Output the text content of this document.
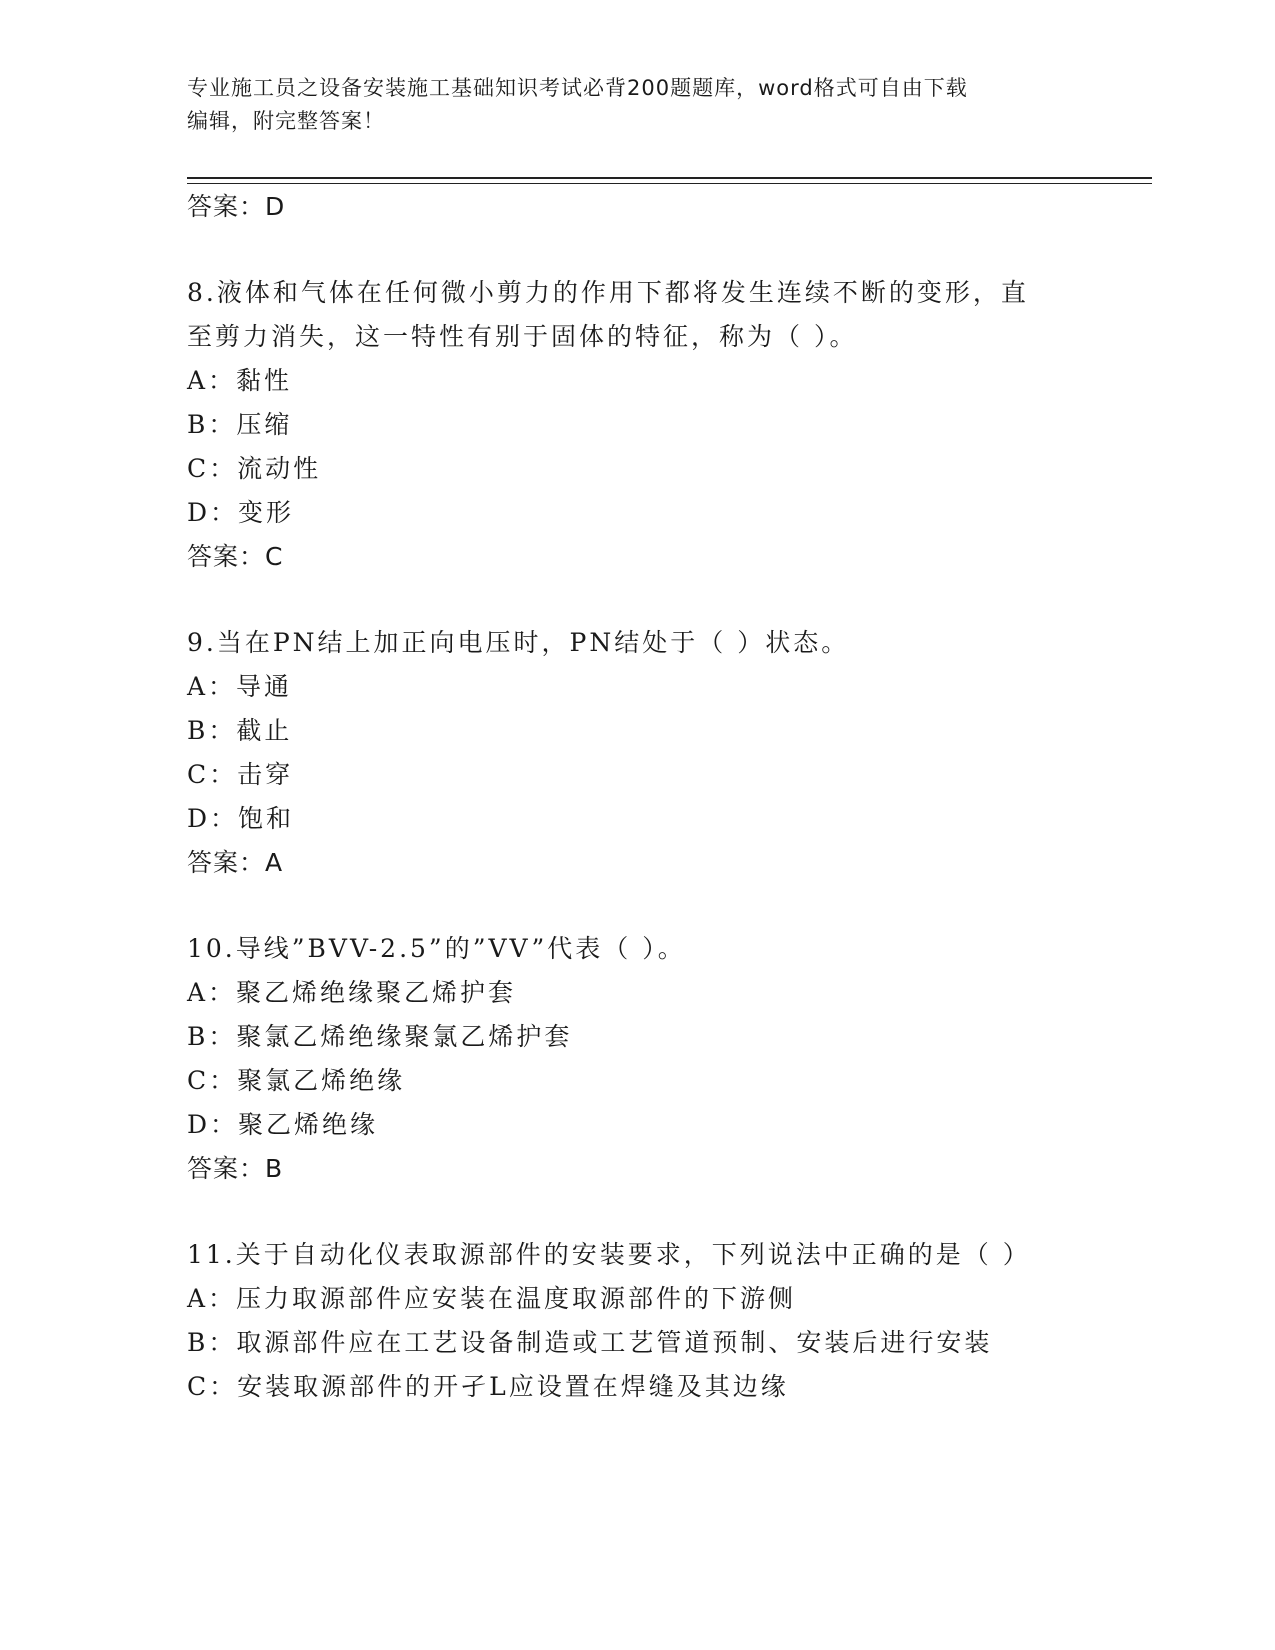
专业施工员之设备安装施工基础知识考试必背200题题库，word格式可自由下载
编辑，附完整答案！
答案：D
8.液体和气体在任何微小剪力的作用下都将发生连续不断的变形，直
至剪力消失，这一特性有别于固体的特征，称为（ ）。
A：黏性
B：压缩
C：流动性
D：变形
答案：C
9.当在PN结上加正向电压时，PN结处于（ ）状态。
A：导通
B：截止
C：击穿
D：饱和
答案：A
10.导线”BVV-2.5”的”VV”代表（ ）。
A：聚乙烯绝缘聚乙烯护套
B：聚氯乙烯绝缘聚氯乙烯护套
C：聚氯乙烯绝缘
D：聚乙烯绝缘
答案：B
11.关于自动化仪表取源部件的安装要求，下列说法中正确的是（ ）
A：压力取源部件应安装在温度取源部件的下游侧
B：取源部件应在工艺设备制造或工艺管道预制、安装后进行安装
C：安装取源部件的开孑L应设置在焊缝及其边缘
